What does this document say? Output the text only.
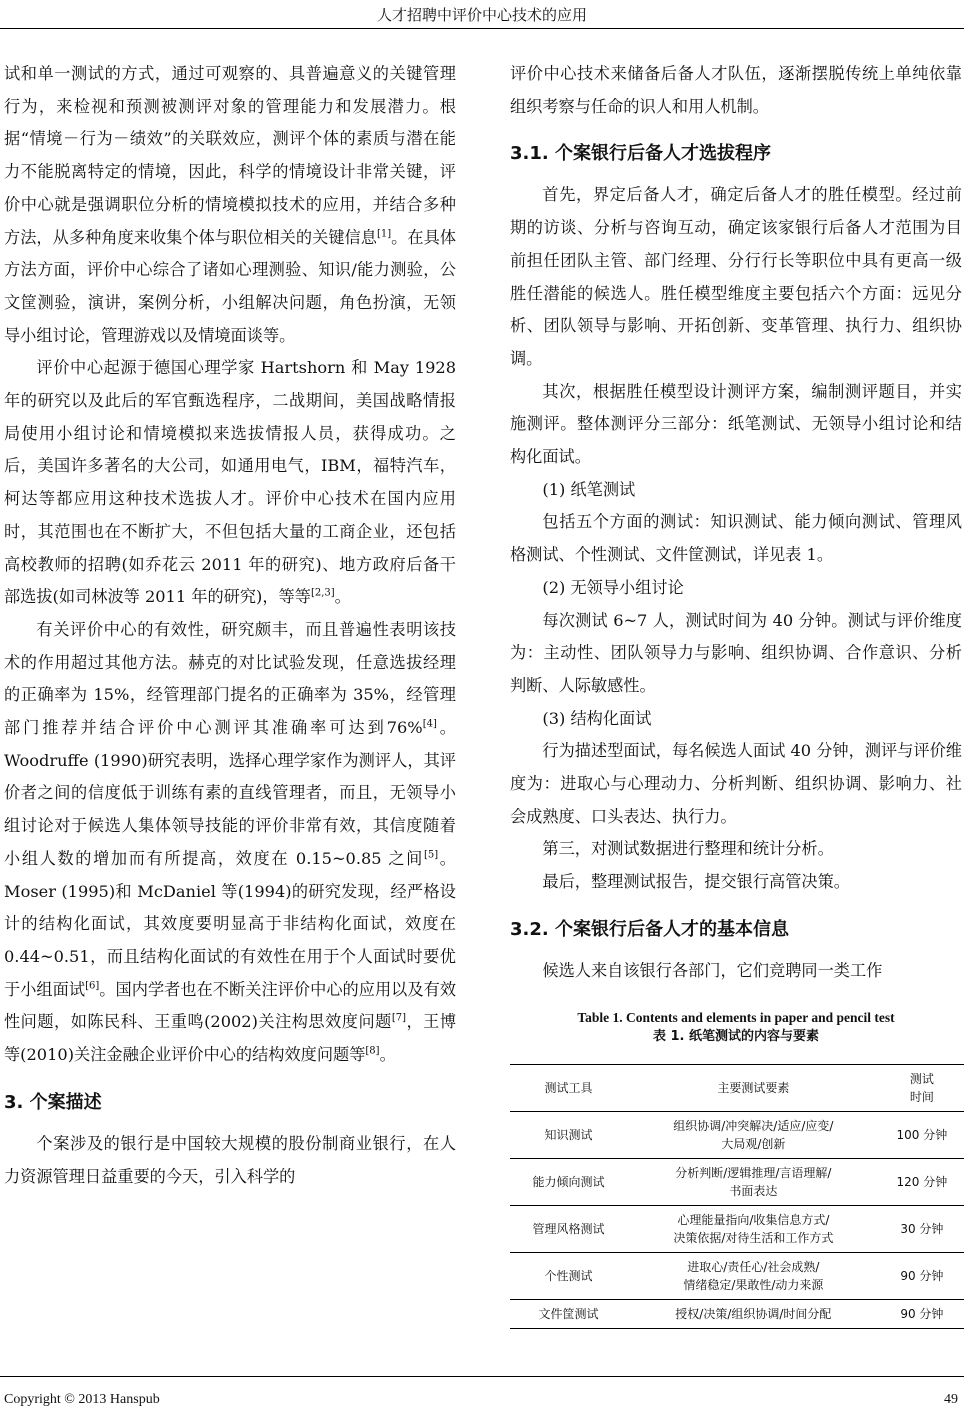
人才招聘中评价中心技术的应用

试和单一测试的方式，通过可观察的、具普遍意义的关键管理行为，来检视和预测被测评对象的管理能力和发展潜力。根据“情境－行为－绩效”的关联效应，测评个体的素质与潜在能力不能脱离特定的情境，因此，科学的情境设计非常关键，评价中心就是强调职位分析的情境模拟技术的应用，并结合多种方法，从多种角度来收集个体与职位相关的关键信息[1]。在具体方法方面，评价中心综合了诸如心理测验、知识/能力测验，公文筐测验，演讲，案例分析，小组解决问题，角色扮演，无领导小组讨论，管理游戏以及情境面谈等。

评价中心起源于德国心理学家 Hartshorn 和 May 1928 年的研究以及此后的军官甄选程序，二战期间，美国战略情报局使用小组讨论和情境模拟来选拔情报人员，获得成功。之后，美国许多著名的大公司，如通用电气，IBM，福特汽车，柯达等都应用这种技术选拔人才。评价中心技术在国内应用时，其范围也在不断扩大，不但包括大量的工商企业，还包括高校教师的招聘(如乔花云 2011 年的研究)、地方政府后备干部选拔(如司林波等 2011 年的研究)，等等[2,3]。

有关评价中心的有效性，研究颇丰，而且普遍性表明该技术的作用超过其他方法。赫克的对比试验发现，任意选拔经理的正确率为 15%，经管理部门提名的正确率为 35%，经管理部门推荐并结合评价中心测评其准确率可达到76%[4]。Woodruffe (1990)研究表明，选择心理学家作为测评人，其评价者之间的信度低于训练有素的直线管理者，而且，无领导小组讨论对于候选人集体领导技能的评价非常有效，其信度随着小组人数的增加而有所提高，效度在 0.15~0.85 之间[5]。Moser (1995)和 McDaniel 等(1994)的研究发现，经严格设计的结构化面试，其效度要明显高于非结构化面试，效度在 0.44~0.51，而且结构化面试的有效性在用于个人面试时要优于小组面试[6]。国内学者也在不断关注评价中心的应用以及有效性问题，如陈民科、王重鸣(2002)关注构思效度问题[7]，王博等(2010)关注金融企业评价中心的结构效度问题等[8]。

3. 个案描述

个案涉及的银行是中国较大规模的股份制商业银行，在人力资源管理日益重要的今天，引入科学的

评价中心技术来储备后备人才队伍，逐渐摆脱传统上单纯依靠组织考察与任命的识人和用人机制。

3.1. 个案银行后备人才选拔程序

首先，界定后备人才，确定后备人才的胜任模型。经过前期的访谈、分析与咨询互动，确定该家银行后备人才范围为目前担任团队主管、部门经理、分行行长等职位中具有更高一级胜任潜能的候选人。胜任模型维度主要包括六个方面：远见分析、团队领导与影响、开拓创新、变革管理、执行力、组织协调。

其次，根据胜任模型设计测评方案，编制测评题目，并实施测评。整体测评分三部分：纸笔测试、无领导小组讨论和结构化面试。

(1) 纸笔测试

包括五个方面的测试：知识测试、能力倾向测试、管理风格测试、个性测试、文件筐测试，详见表 1。

(2) 无领导小组讨论

每次测试 6~7 人，测试时间为 40 分钟。测试与评价维度为：主动性、团队领导力与影响、组织协调、合作意识、分析判断、人际敏感性。

(3) 结构化面试

行为描述型面试，每名候选人面试 40 分钟，测评与评价维度为：进取心与心理动力、分析判断、组织协调、影响力、社会成熟度、口头表达、执行力。

第三，对测试数据进行整理和统计分析。

最后，整理测试报告，提交银行高管决策。

3.2. 个案银行后备人才的基本信息

候选人来自该银行各部门，它们竞聘同一类工作

Table 1. Contents and elements in paper and pencil test
表 1. 纸笔测试的内容与要素
测试工具	主要测试要素	测试
时间
知识测试	组织协调/冲突解决/适应/应变/
大局观/创新	100 分钟
能力倾向测试	分析判断/逻辑推理/言语理解/
书面表达	120 分钟
管理风格测试	心理能量指向/收集信息方式/
决策依据/对待生活和工作方式	30 分钟
个性测试	进取心/责任心/社会成熟/
情绪稳定/果敢性/动力来源	90 分钟
文件筐测试	授权/决策/组织协调/时间分配	90 分钟
Copyright © 2013 Hanspub	49
